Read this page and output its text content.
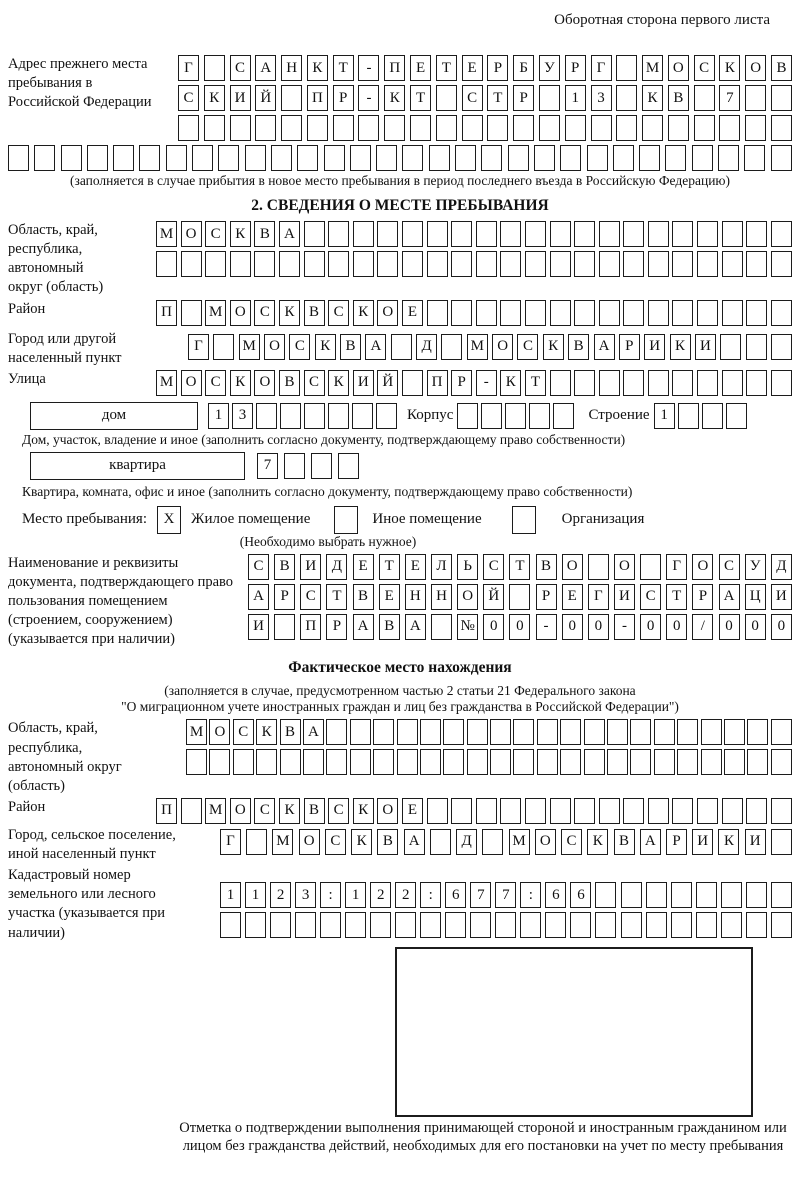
Оборотная сторона первого листа
Адрес прежнего места пребывания в Российской Федерации
Г	С	А Н	К	Т	-	П	Е	Т	Е	Р	Б	У	Р	Г	М О	С	К	О	В
С	К	И Й	П	Р	-	К	Т	С	Т	Р	1	3	К	В	7
(заполняется в случае прибытия в новое место пребывания в период последнего въезда в Российскую Федерацию)
2. СВЕДЕНИЯ О МЕСТЕ ПРЕБЫВАНИЯ
Область, край, республика, автономный округ (область)
М О С К В А
Район	П	М О С К В С К О Е
Город или другой населенный пункт
Г	М О С	К	В А	Д	М О С	К	В А	Р	И К И
Улица	М О С К О В С К И Й	П	Р	-	К	Т
дом	1	3	Корпус	Строение 1
Дом, участок, владение и иное (заполнить согласно документу, подтверждающему право собственности)
квартира	7
Квартира, комната, офис и иное (заполнить согласно документу, подтверждающему право собственности)
Место пребывания:	X	Жилое помещение	Иное помещение	Организация
(Необходимо выбрать нужное)
Наименование и реквизиты документа, подтверждающего право пользования помещением (строением, сооружением) (указывается при наличии)
С	В	И	Д	Е	Т	Е	Л	Ь	С	Т	В	О	О	Г	О	С	У	Д
А	Р	С	Т	В	Е	Н	Н	О	Й	Р	Е	Г	И	С	Т	Р	А	Ц	И
И	П	Р	А	В	А	№	0	0	-	0	0	-	0	0	/	0	0	0
Фактическое место нахождения
(заполняется в случае, предусмотренном частью 2 статьи 21 Федерального закона
"О миграционном учете иностранных граждан и лиц без гражданства в Российской Федерации")
Область, край, республика, автономный округ (область)
М О С К В А
Район	П	М О С К В С К О Е
Город, сельское поселение, иной населенный пункт
Г	М О	С	К	В	А	Д	М О	С	К	В	А	Р	И	К	И
Кадастровый номер земельного или лесного участка (указывается при наличии)
1	1	2	3	:	1	2	2	:	6	7	7	:	6	6
Отметка о подтверждении выполнения принимающей стороной и иностранным гражданином или лицом без гражданства действий, необходимых для его постановки на учет по месту пребывания
